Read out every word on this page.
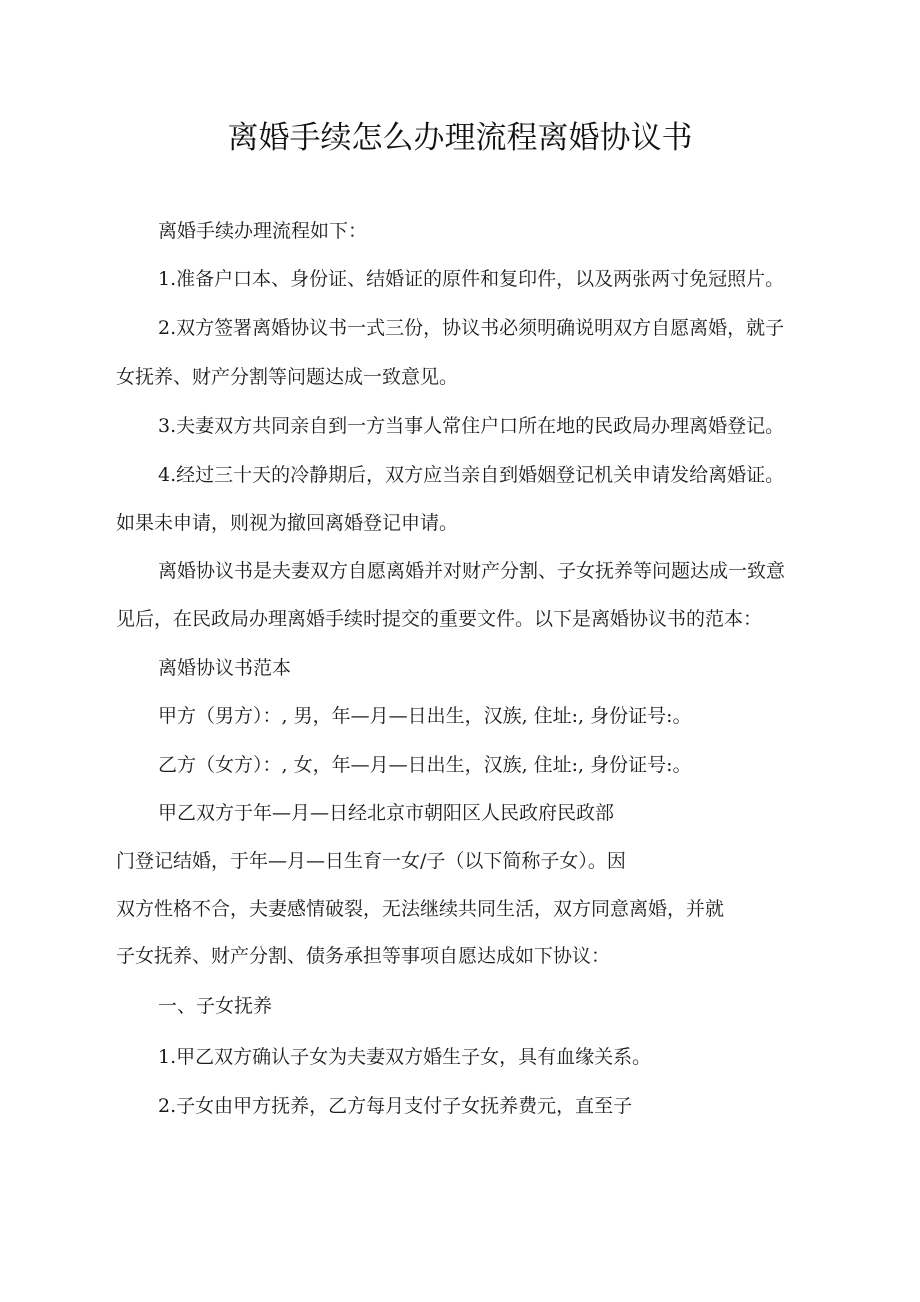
离婚手续怎么办理流程离婚协议书
离婚手续办理流程如下：
1.准备户口本、身份证、结婚证的原件和复印件，以及两张两寸免冠照片。
2.双方签署离婚协议书一式三份，协议书必须明确说明双方自愿离婚，就子
女抚养、财产分割等问题达成一致意见。
3.夫妻双方共同亲自到一方当事人常住户口所在地的民政局办理离婚登记。
4.经过三十天的冷静期后，双方应当亲自到婚姻登记机关申请发给离婚证。
如果未申请，则视为撤回离婚登记申请。
离婚协议书是夫妻双方自愿离婚并对财产分割、子女抚养等问题达成一致意
见后，在民政局办理离婚手续时提交的重要文件。以下是离婚协议书的范本：
离婚协议书范本
甲方（男方）：, 男，年—月—日出生，汉族, 住址:, 身份证号:。
乙方（女方）：, 女，年—月—日出生，汉族, 住址:, 身份证号:。
甲乙双方于年—月—日经北京市朝阳区人民政府民政部
门登记结婚，于年—月—日生育一女/子（以下简称子女）。因
双方性格不合，夫妻感情破裂，无法继续共同生活，双方同意离婚，并就
子女抚养、财产分割、债务承担等事项自愿达成如下协议：
一、子女抚养
1.甲乙双方确认子女为夫妻双方婚生子女，具有血缘关系。
2.子女由甲方抚养，乙方每月支付子女抚养费元，直至子
